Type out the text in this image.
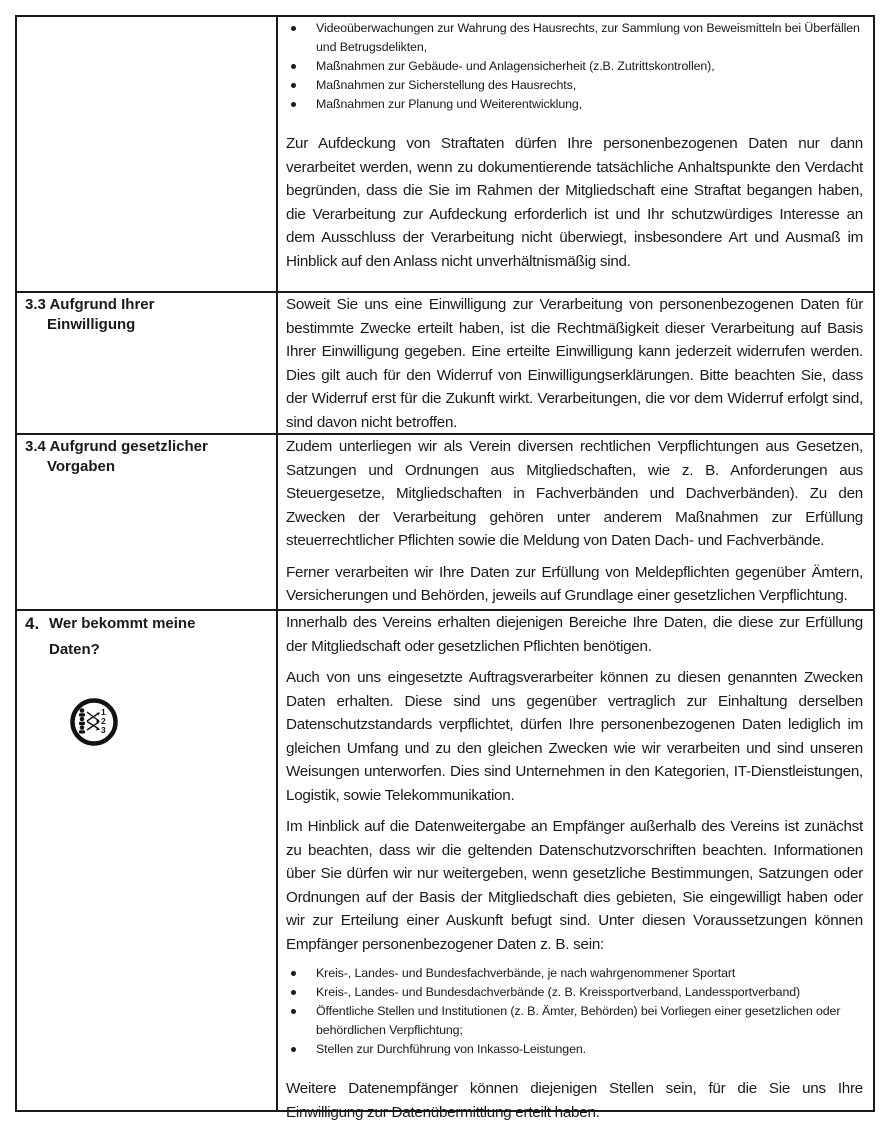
Videoüberwachungen zur Wahrung des Hausrechts, zur Sammlung von Beweismitteln bei Überfällen und Betrugsdelikten,
Maßnahmen zur Gebäude- und Anlagensicherheit (z.B. Zutrittskontrollen),
Maßnahmen zur Sicherstellung des Hausrechts,
Maßnahmen zur Planung und Weiterentwicklung,

Zur Aufdeckung von Straftaten dürfen Ihre personenbezogenen Daten nur dann verarbeitet werden, wenn zu dokumentierende tatsächliche Anhaltspunkte den Verdacht begründen, dass die Sie im Rahmen der Mitgliedschaft eine Straftat begangen haben, die Verarbeitung zur Aufdeckung erforderlich ist und Ihr schutzwürdiges Interesse an dem Ausschluss der Verarbeitung nicht überwiegt, insbesondere Art und Ausmaß im Hinblick auf den Anlass nicht unverhältnismäßig sind.

3.3 Aufgrund Ihrer
Einwilligung

Soweit Sie uns eine Einwilligung zur Verarbeitung von personenbezogenen Daten für bestimmte Zwecke erteilt haben, ist die Rechtmäßigkeit dieser Verarbeitung auf Basis Ihrer Einwilligung gegeben. Eine erteilte Einwilligung kann jederzeit widerrufen werden. Dies gilt auch für den Widerruf von Einwilligungserklärungen. Bitte beachten Sie, dass der Widerruf erst für die Zukunft wirkt. Verarbeitungen, die vor dem Widerruf erfolgt sind, sind davon nicht betroffen.

3.4 Aufgrund gesetzlicher
Vorgaben

Zudem unterliegen wir als Verein diversen rechtlichen Verpflichtungen aus Gesetzen, Satzungen und Ordnungen aus Mitgliedschaften, wie z. B. Anforderungen aus Steuergesetze, Mitgliedschaften in Fachverbänden und Dachverbänden). Zu den Zwecken der Verarbeitung gehören unter anderem Maßnahmen zur Erfüllung steuerrechtlicher Pflichten sowie die Meldung von Daten Dach- und Fachverbände.

Ferner verarbeiten wir Ihre Daten zur Erfüllung von Meldepflichten gegenüber Ämtern, Versicherungen und Behörden, jeweils auf Grundlage einer gesetzlichen Verpflichtung.

4. Wer bekommt meine
Daten?
1
2
3

Innerhalb des Vereins erhalten diejenigen Bereiche Ihre Daten, die diese zur Erfüllung der Mitgliedschaft oder gesetzlichen Pflichten benötigen.

Auch von uns eingesetzte Auftragsverarbeiter können zu diesen genannten Zwecken Daten erhalten. Diese sind uns gegenüber vertraglich zur Einhaltung derselben Datenschutzstandards verpflichtet, dürfen Ihre personenbezogenen Daten lediglich im gleichen Umfang und zu den gleichen Zwecken wie wir verarbeiten und sind unseren Weisungen unterworfen. Dies sind Unternehmen in den Kategorien, IT-Dienstleistungen, Logistik, sowie Telekommunikation.

Im Hinblick auf die Datenweitergabe an Empfänger außerhalb des Vereins ist zunächst zu beachten, dass wir die geltenden Datenschutzvorschriften beachten. Informationen über Sie dürfen wir nur weitergeben, wenn gesetzliche Bestimmungen, Satzungen oder Ordnungen auf der Basis der Mitgliedschaft dies gebieten, Sie eingewilligt haben oder wir zur Erteilung einer Auskunft befugt sind. Unter diesen Voraussetzungen können Empfänger personenbezogener Daten z. B. sein:

Kreis-, Landes- und Bundesfachverbände, je nach wahrgenommener Sportart
Kreis-, Landes- und Bundesdachverbände (z. B. Kreissportverband, Landessportverband)
Öffentliche Stellen und Institutionen (z. B. Ämter, Behörden) bei Vorliegen einer gesetzlichen oder behördlichen Verpflichtung;
Stellen zur Durchführung von Inkasso-Leistungen.

Weitere Datenempfänger können diejenigen Stellen sein, für die Sie uns Ihre Einwilligung zur Datenübermittlung erteilt haben.
